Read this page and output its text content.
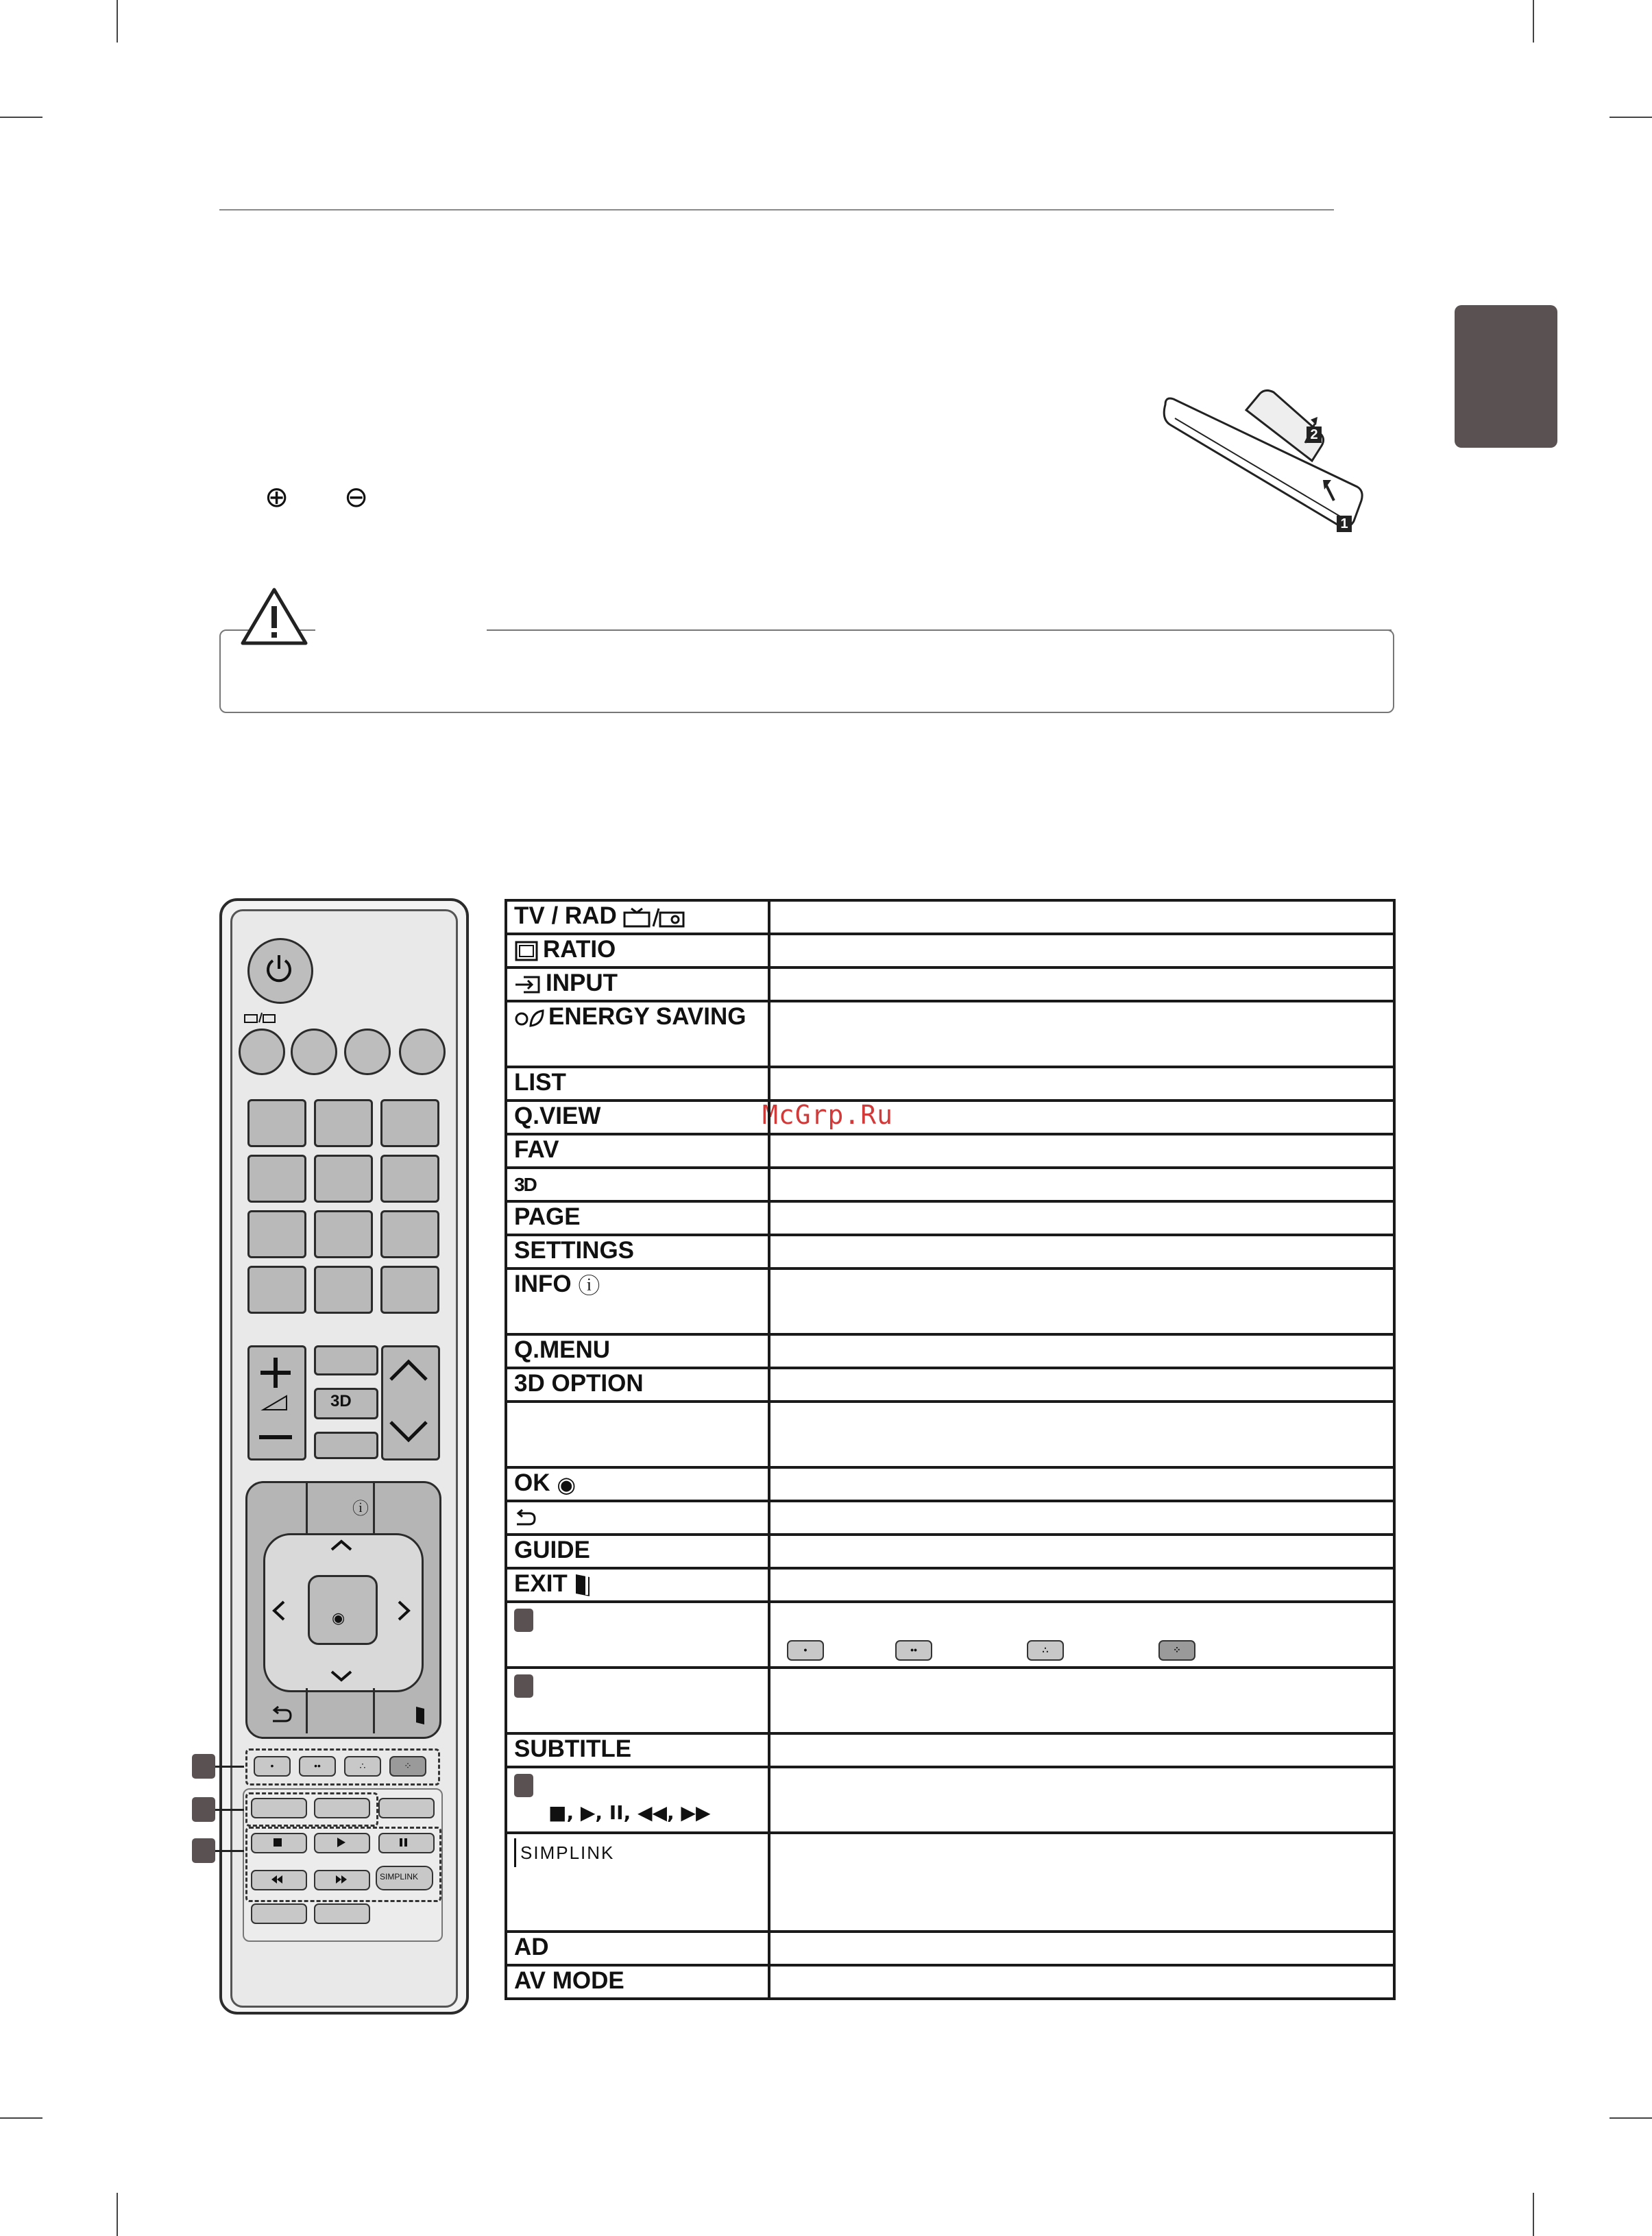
⊕ ⊖
2
1
McGrp.Ru
TV / RAD	
RATIO	
INPUT	
ENERGY SAVING	
LIST	
Q.VIEW	
FAV	
3D	
PAGE	
SETTINGS	
INFO ⓘ	
Q.MENU	
3D OPTION	

OK ◉	

GUIDE	
EXIT	

	• •• ∴ ⁘

SUBTITLE	

■, ▶, II, ◀◀, ▶▶	

SIMPLINK	
AD	
AV MODE	
3D
ⓘ
◉
•	••	∴	⁘
SIMPLINK
